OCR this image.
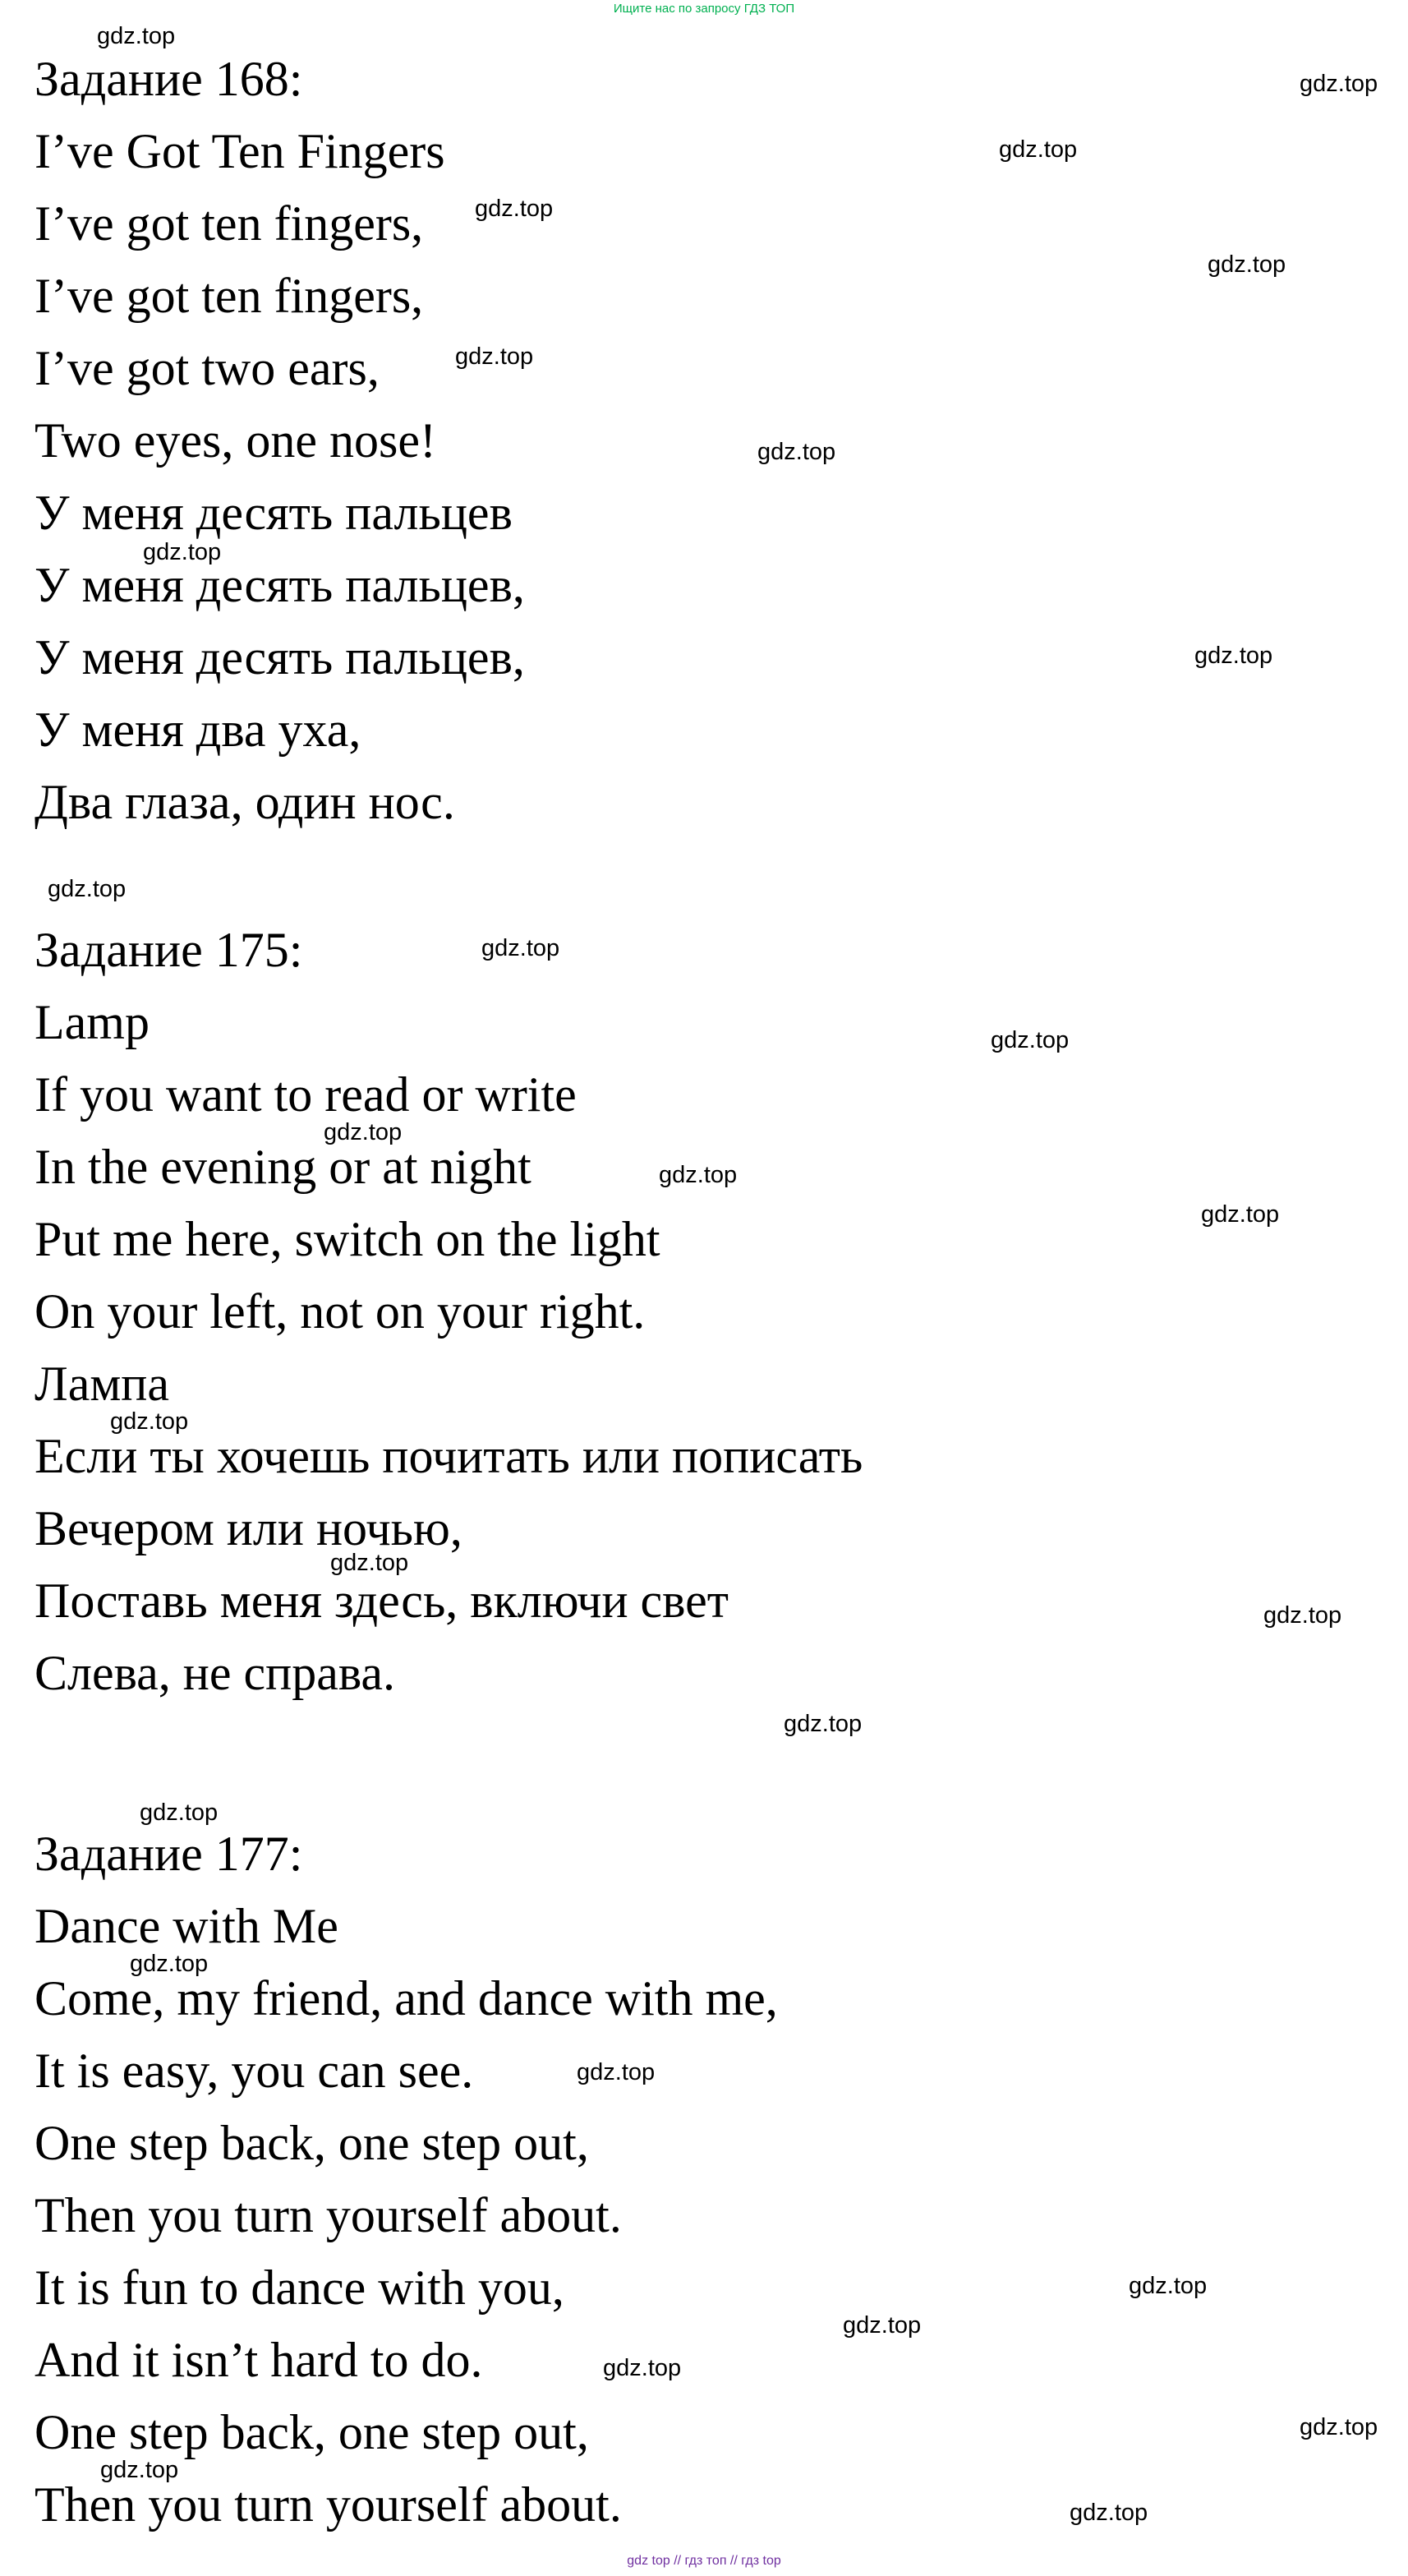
Ищите нас по запросу ГДЗ ТОП

Задание 168:

I’ve Got Ten Fingers

I’ve got ten fingers,

I’ve got ten fingers,

I’ve got two ears,

Two eyes, one nose!

У меня десять пальцев

У меня десять пальцев,

У меня десять пальцев,

У меня два уха,

Два глаза, один нос.

Задание 175:

Lamp

If you want to read or write

In the evening or at night

Put me here, switch on the light

On your left, not on your right.

Лампа

Если ты хочешь почитать или пописать

Вечером или ночью,

Поставь меня здесь, включи свет

Слева, не справа.

Задание 177:

Dance with Me

Come, my friend, and dance with me,

It is easy, you can see.

One step back, one step out,

Then you turn yourself about.

It is fun to dance with you,

And it isn’t hard to do.

One step back, one step out,

Then you turn yourself about.

gdz.top
gdz.top
gdz.top
gdz.top
gdz.top
gdz.top
gdz.top
gdz.top
gdz.top
gdz.top
gdz.top
gdz.top
gdz.top
gdz.top
gdz.top
gdz.top
gdz.top
gdz.top
gdz.top
gdz.top
gdz.top
gdz.top
gdz.top
gdz.top
gdz.top
gdz.top
gdz.top
gdz.top
gdz top // гдз топ // гдз top
